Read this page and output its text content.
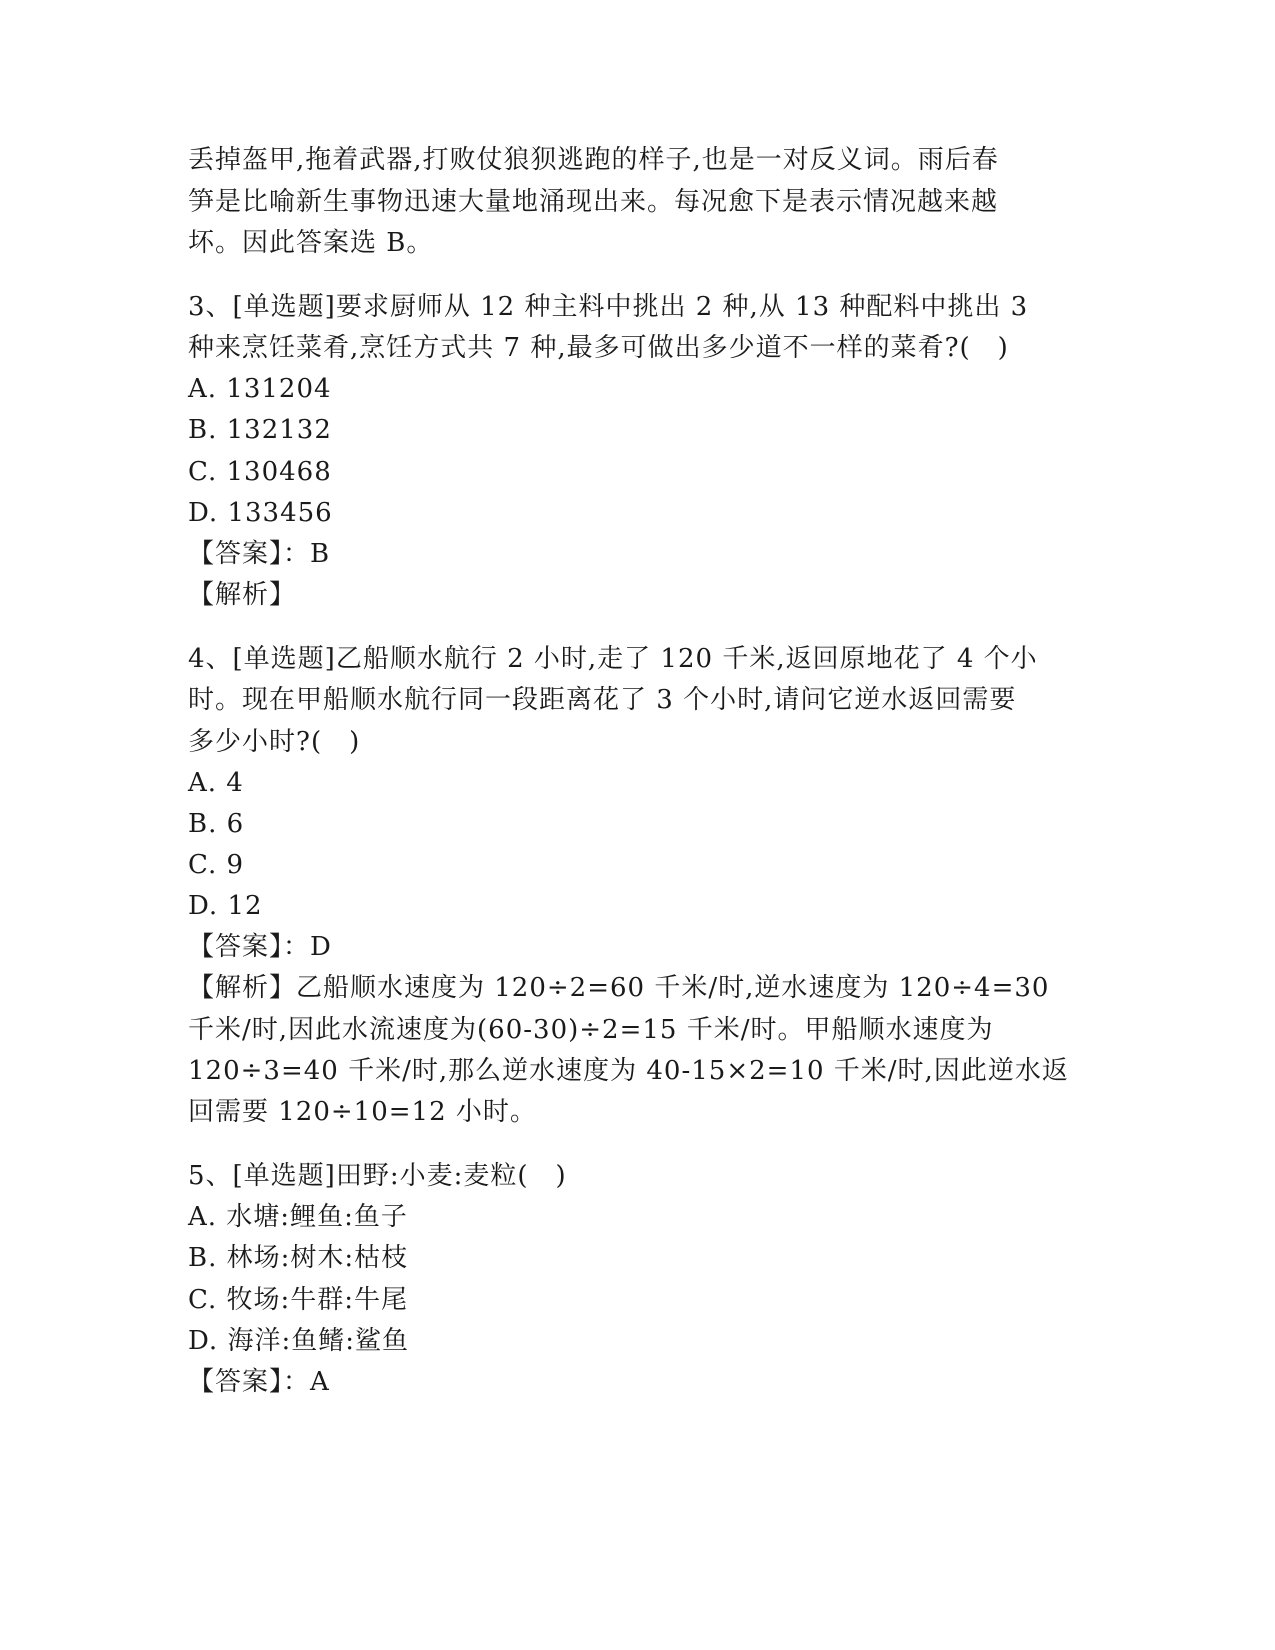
丢掉盔甲,拖着武器,打败仗狼狈逃跑的样子,也是一对反义词。雨后春
笋是比喻新生事物迅速大量地涌现出来。每况愈下是表示情况越来越
坏。因此答案选 B。
3、[单选题]要求厨师从 12 种主料中挑出 2 种,从 13 种配料中挑出 3
种来烹饪菜肴,烹饪方式共 7 种,最多可做出多少道不一样的菜肴?(　)
A. 131204
B. 132132
C. 130468
D. 133456
【答案】：B
【解析】
4、[单选题]乙船顺水航行 2 小时,走了 120 千米,返回原地花了 4 个小
时。现在甲船顺水航行同一段距离花了 3 个小时,请问它逆水返回需要
多少小时?(　)
A. 4
B. 6
C. 9
D. 12
【答案】：D
【解析】乙船顺水速度为 120÷2=60 千米/时,逆水速度为 120÷4=30
千米/时,因此水流速度为(60-30)÷2=15 千米/时。甲船顺水速度为
120÷3=40 千米/时,那么逆水速度为 40-15×2=10 千米/时,因此逆水返
回需要 120÷10=12 小时。
5、[单选题]田野:小麦:麦粒(　)
A. 水塘:鲤鱼:鱼子
B. 林场:树木:枯枝
C. 牧场:牛群:牛尾
D. 海洋:鱼鳍:鲨鱼
【答案】：A
